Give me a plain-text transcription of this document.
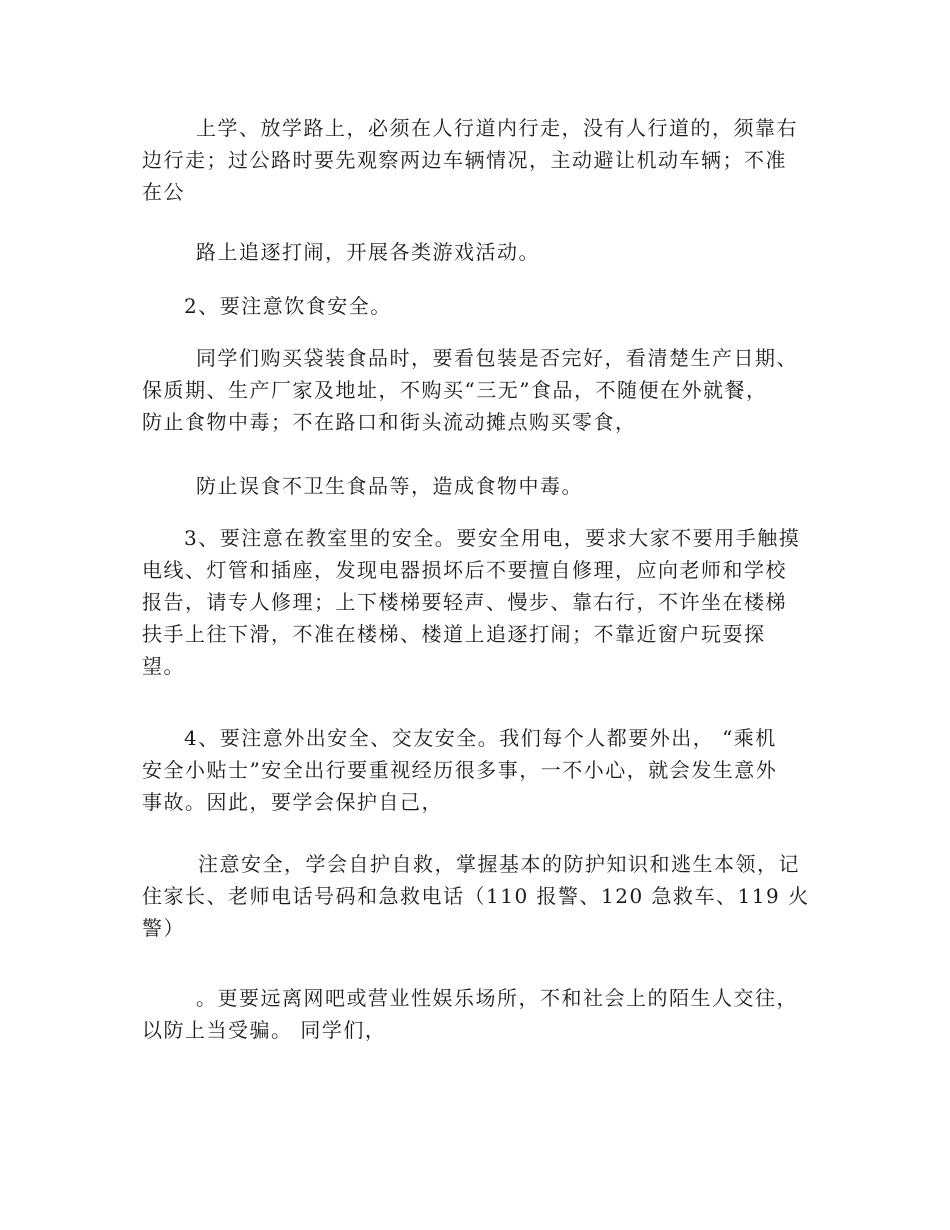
上学、放学路上，必须在人行道内行走，没有人行道的，须靠右
边行走；过公路时要先观察两边车辆情况，主动避让机动车辆；不准
在公
路上追逐打闹，开展各类游戏活动。
2、要注意饮食安全。
同学们购买袋装食品时，要看包装是否完好，看清楚生产日期、
保质期、生产厂家及地址，不购买“三无”食品，不随便在外就餐，
防止食物中毒；不在路口和街头流动摊点购买零食，
防止误食不卫生食品等，造成食物中毒。
3、要注意在教室里的安全。要安全用电，要求大家不要用手触摸
电线、灯管和插座，发现电器损坏后不要擅自修理，应向老师和学校
报告，请专人修理；上下楼梯要轻声、慢步、靠右行，不许坐在楼梯
扶手上往下滑，不准在楼梯、楼道上追逐打闹；不靠近窗户玩耍探
望。
4、要注意外出安全、交友安全。我们每个人都要外出， “乘机
安全小贴士”安全出行要重视经历很多事，一不小心，就会发生意外
事故。因此，要学会保护自己，
注意安全，学会自护自救，掌握基本的防护知识和逃生本领，记
住家长、老师电话号码和急救电话（110 报警、120 急救车、119 火
警）
。更要远离网吧或营业性娱乐场所，不和社会上的陌生人交往，
以防上当受骗。 同学们，
